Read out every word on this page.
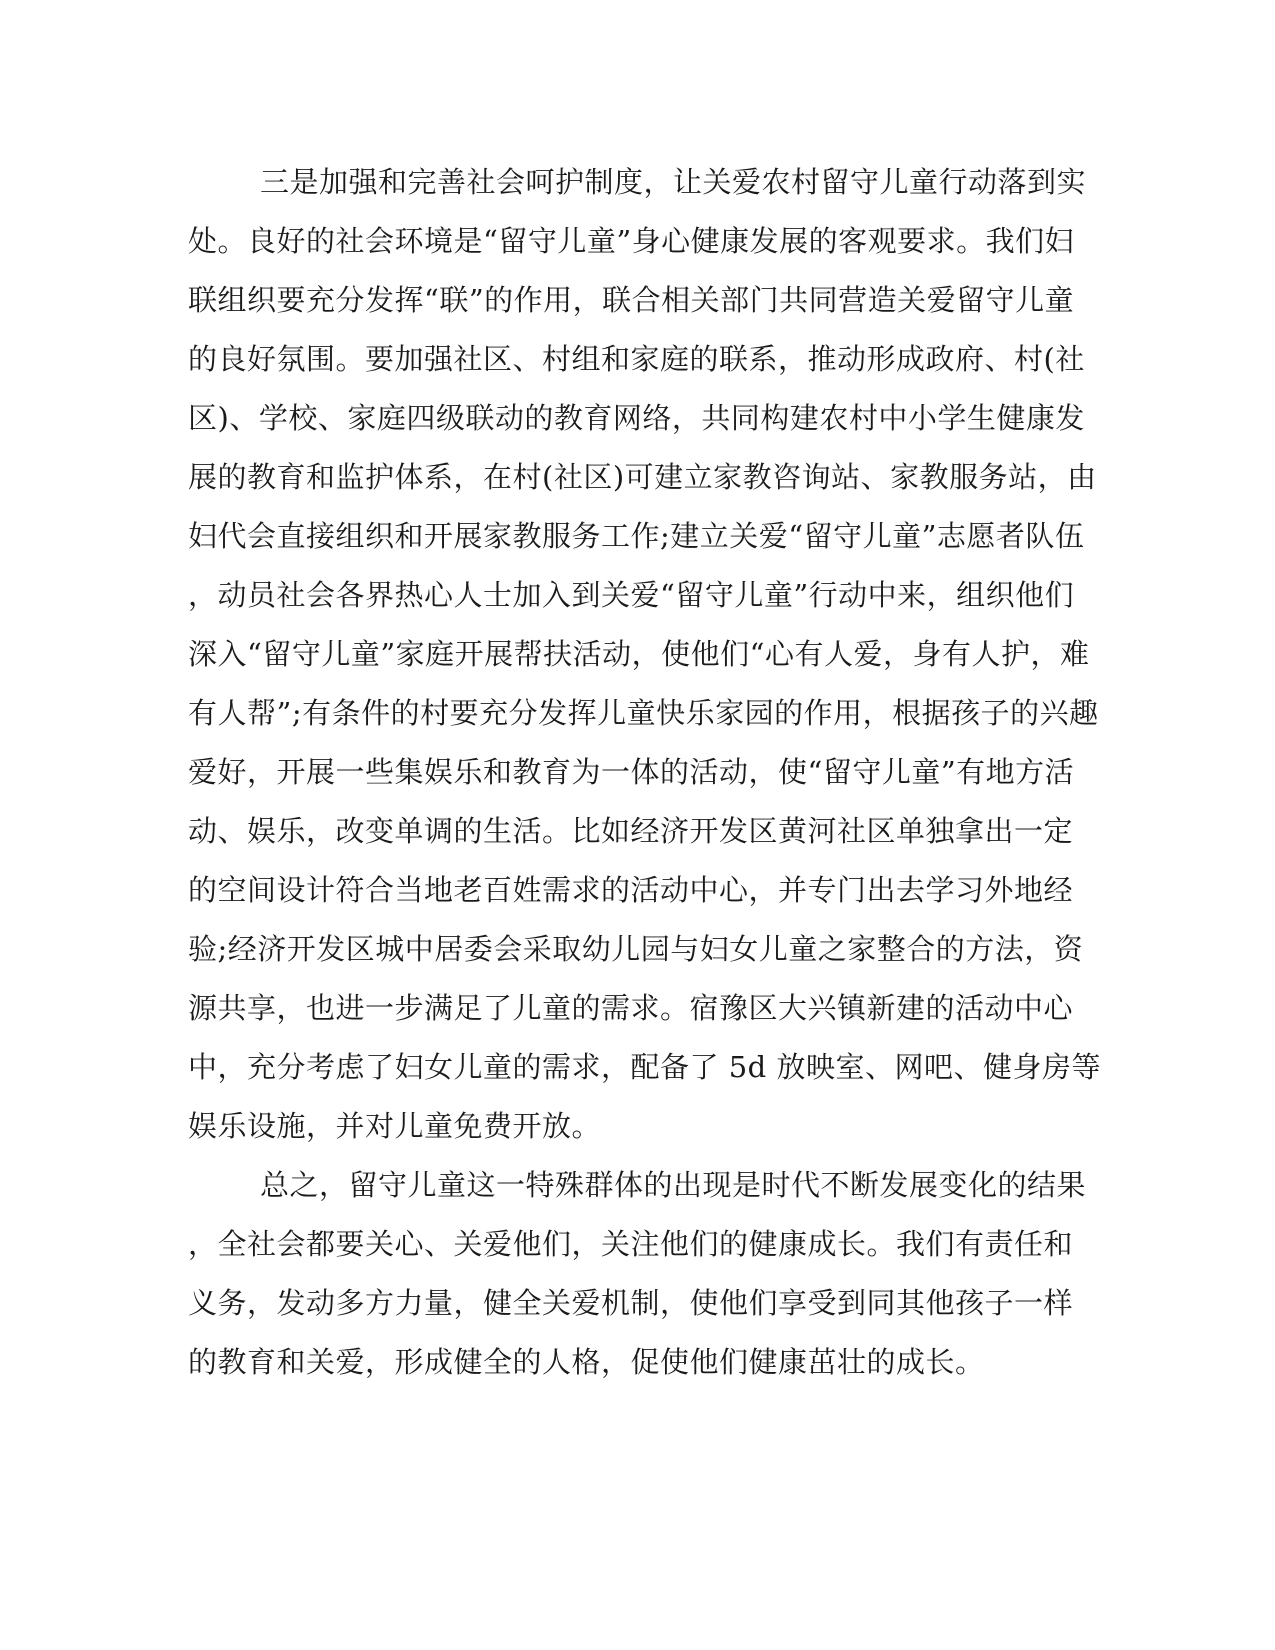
三是加强和完善社会呵护制度，让关爱农村留守儿童行动落到实
处。良好的社会环境是“留守儿童”身心健康发展的客观要求。我们妇
联组织要充分发挥“联”的作用，联合相关部门共同营造关爱留守儿童
的良好氛围。要加强社区、村组和家庭的联系，推动形成政府、村(社
区)、学校、家庭四级联动的教育网络，共同构建农村中小学生健康发
展的教育和监护体系，在村(社区)可建立家教咨询站、家教服务站，由
妇代会直接组织和开展家教服务工作;建立关爱“留守儿童”志愿者队伍
，动员社会各界热心人士加入到关爱“留守儿童”行动中来，组织他们
深入“留守儿童”家庭开展帮扶活动，使他们“心有人爱，身有人护，难
有人帮”;有条件的村要充分发挥儿童快乐家园的作用，根据孩子的兴趣
爱好，开展一些集娱乐和教育为一体的活动，使“留守儿童”有地方活
动、娱乐，改变单调的生活。比如经济开发区黄河社区单独拿出一定
的空间设计符合当地老百姓需求的活动中心，并专门出去学习外地经
验;经济开发区城中居委会采取幼儿园与妇女儿童之家整合的方法，资
源共享，也进一步满足了儿童的需求。宿豫区大兴镇新建的活动中心
中，充分考虑了妇女儿童的需求，配备了 5d 放映室、网吧、健身房等
娱乐设施，并对儿童免费开放。
总之，留守儿童这一特殊群体的出现是时代不断发展变化的结果
，全社会都要关心、关爱他们，关注他们的健康成长。我们有责任和
义务，发动多方力量，健全关爱机制，使他们享受到同其他孩子一样
的教育和关爱，形成健全的人格，促使他们健康茁壮的成长。
